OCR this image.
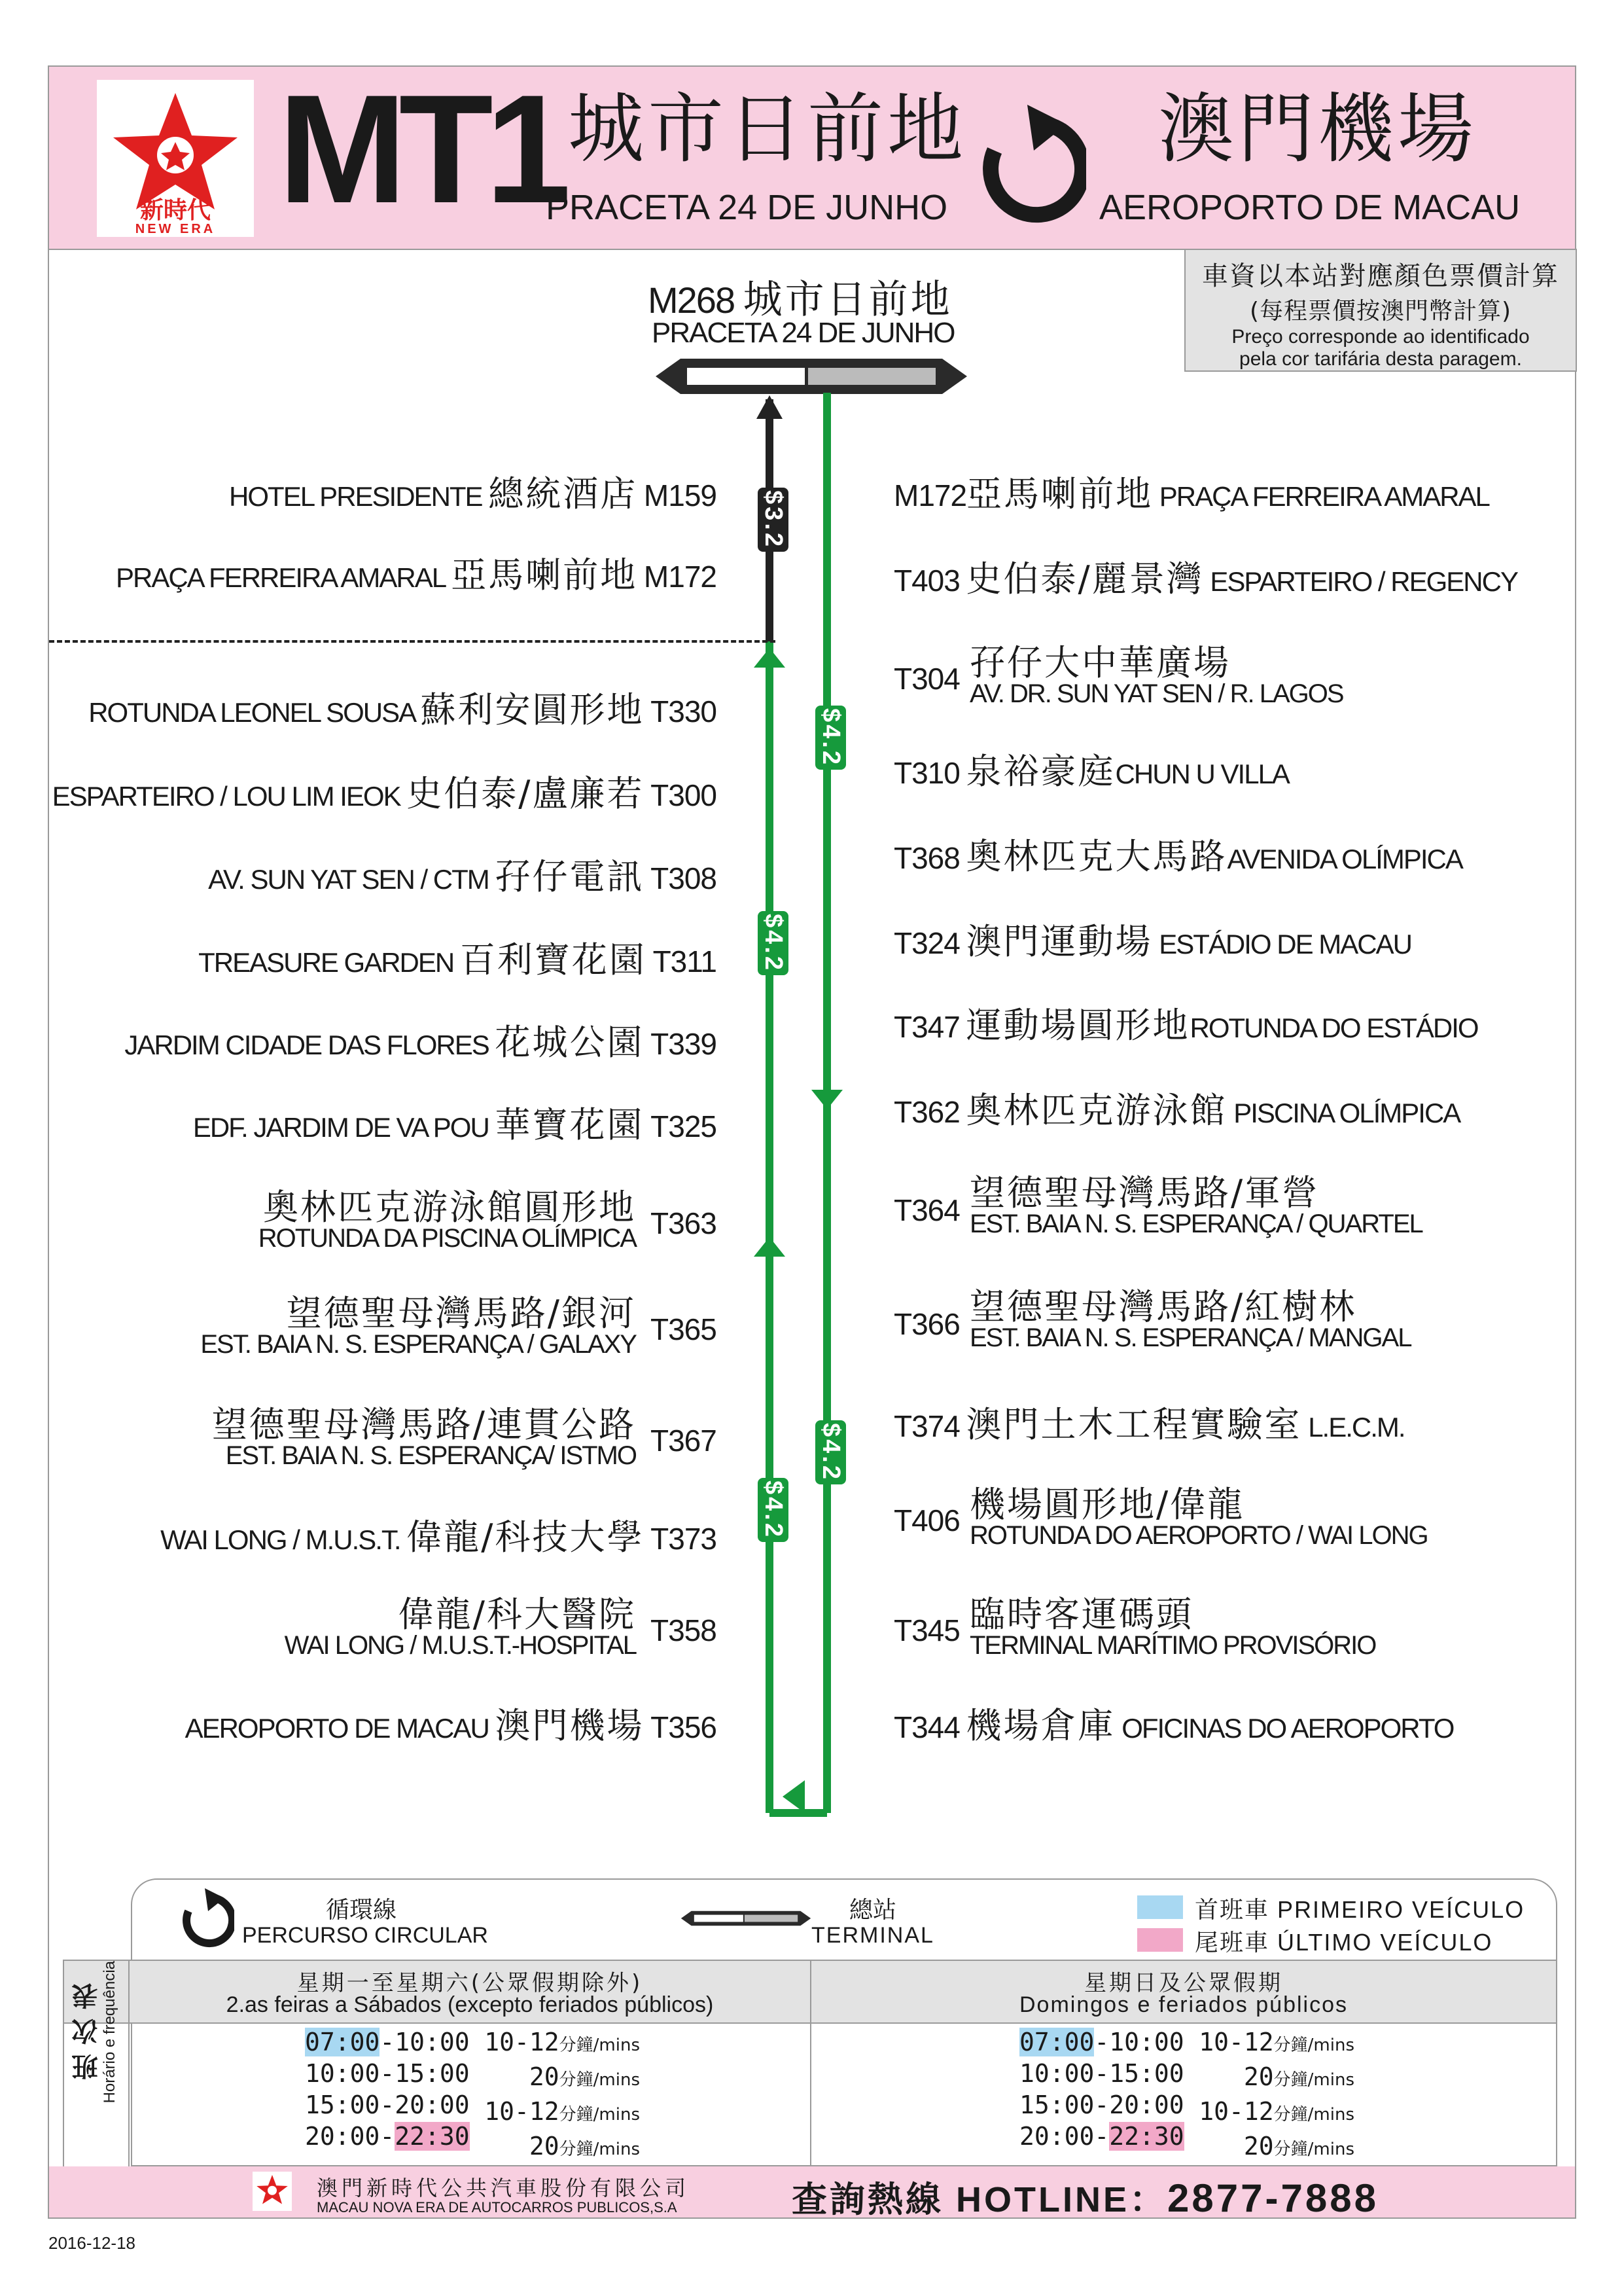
新時代
NEW ERA MT1 城市日前地
PRACETA 24 DE JUNHO
澳門機場
AEROPORTO DE MACAU
M268 城市日前地
PRACETA 24 DE JUNHO
車資以本站對應顏色票價計算
(每程票價按澳門幣計算)
Preço corresponde ao identificado
pela cor tarifária desta paragem.
$3.2
$4.2
$4.2
$4.2
$4.2
HOTEL PRESIDENTE 總統酒店 M159
PRAÇA FERREIRA AMARAL 亞馬喇前地 M172
ROTUNDA LEONEL SOUSA 蘇利安圓形地 T330
ESPARTEIRO / LOU LIM IEOK 史伯泰/盧廉若 T300
AV. SUN YAT SEN / CTM 孖仔電訊 T308
TREASURE GARDEN 百利寶花園 T311
JARDIM CIDADE DAS FLORES 花城公園 T339
EDF. JARDIM DE VA POU 華寶花園 T325
奧林匹克游泳館圓形地
ROTUNDA DA PISCINA OLÍMPICA T363
望德聖母灣馬路/銀河
EST. BAIA N. S. ESPERANÇA / GALAXY T365
望德聖母灣馬路/連貫公路
EST. BAIA N. S. ESPERANÇA/ ISTMO T367
WAI LONG / M.U.S.T. 偉龍/科技大學 T373
偉龍/科大醫院
WAI LONG / M.U.S.T.-HOSPITAL T358
AEROPORTO DE MACAU 澳門機場 T356
M172亞馬喇前地 PRAÇA FERREIRA AMARAL
T403 史伯泰/麗景灣 ESPARTEIRO / REGENCY
T304 孖仔大中華廣場
AV. DR. SUN YAT SEN / R. LAGOS
T310 泉裕豪庭CHUN U VILLA
T368 奧林匹克大馬路AVENIDA OLÍMPICA
T324 澳門運動場 ESTÁDIO DE MACAU
T347 運動場圓形地ROTUNDA DO ESTÁDIO
T362 奧林匹克游泳館 PISCINA OLÍMPICA
T364 望德聖母灣馬路/軍營
EST. BAIA N. S. ESPERANÇA / QUARTEL
T366 望德聖母灣馬路/紅樹林
EST. BAIA N. S. ESPERANÇA / MANGAL
T374 澳門土木工程實驗室 L.E.C.M.
T406 機場圓形地/偉龍
ROTUNDA DO AEROPORTO / WAI LONG
T345 臨時客運碼頭
TERMINAL MARÍTIMO PROVISÓRIO
T344 機場倉庫 OFICINAS DO AEROPORTO
循環線
PERCURSO CIRCULAR
總站
TERMINAL
首班車 PRIMEIRO VEÍCULO
尾班車 ÚLTIMO VEÍCULO
班次表
Horário e frequência	星期一至星期六(公眾假期除外)
2.as feiras a Sábados (excepto feriados públicos)
星期日及公眾假期
Domingos e feriados públicos
07:00-10:00
10:00-15:00
15:00-20:00
20:00-22:30
10-12分鐘/mins
20分鐘/mins
10-12分鐘/mins
20分鐘/mins
07:00-10:00
10:00-15:00
15:00-20:00
20:00-22:30
10-12分鐘/mins
20分鐘/mins
10-12分鐘/mins
20分鐘/mins
澳門新時代公共汽車股份有限公司
MACAU NOVA ERA DE AUTOCARROS PUBLICOS,S.A	查詢熱線 HOTLINE：2877-7888
2016-12-18
